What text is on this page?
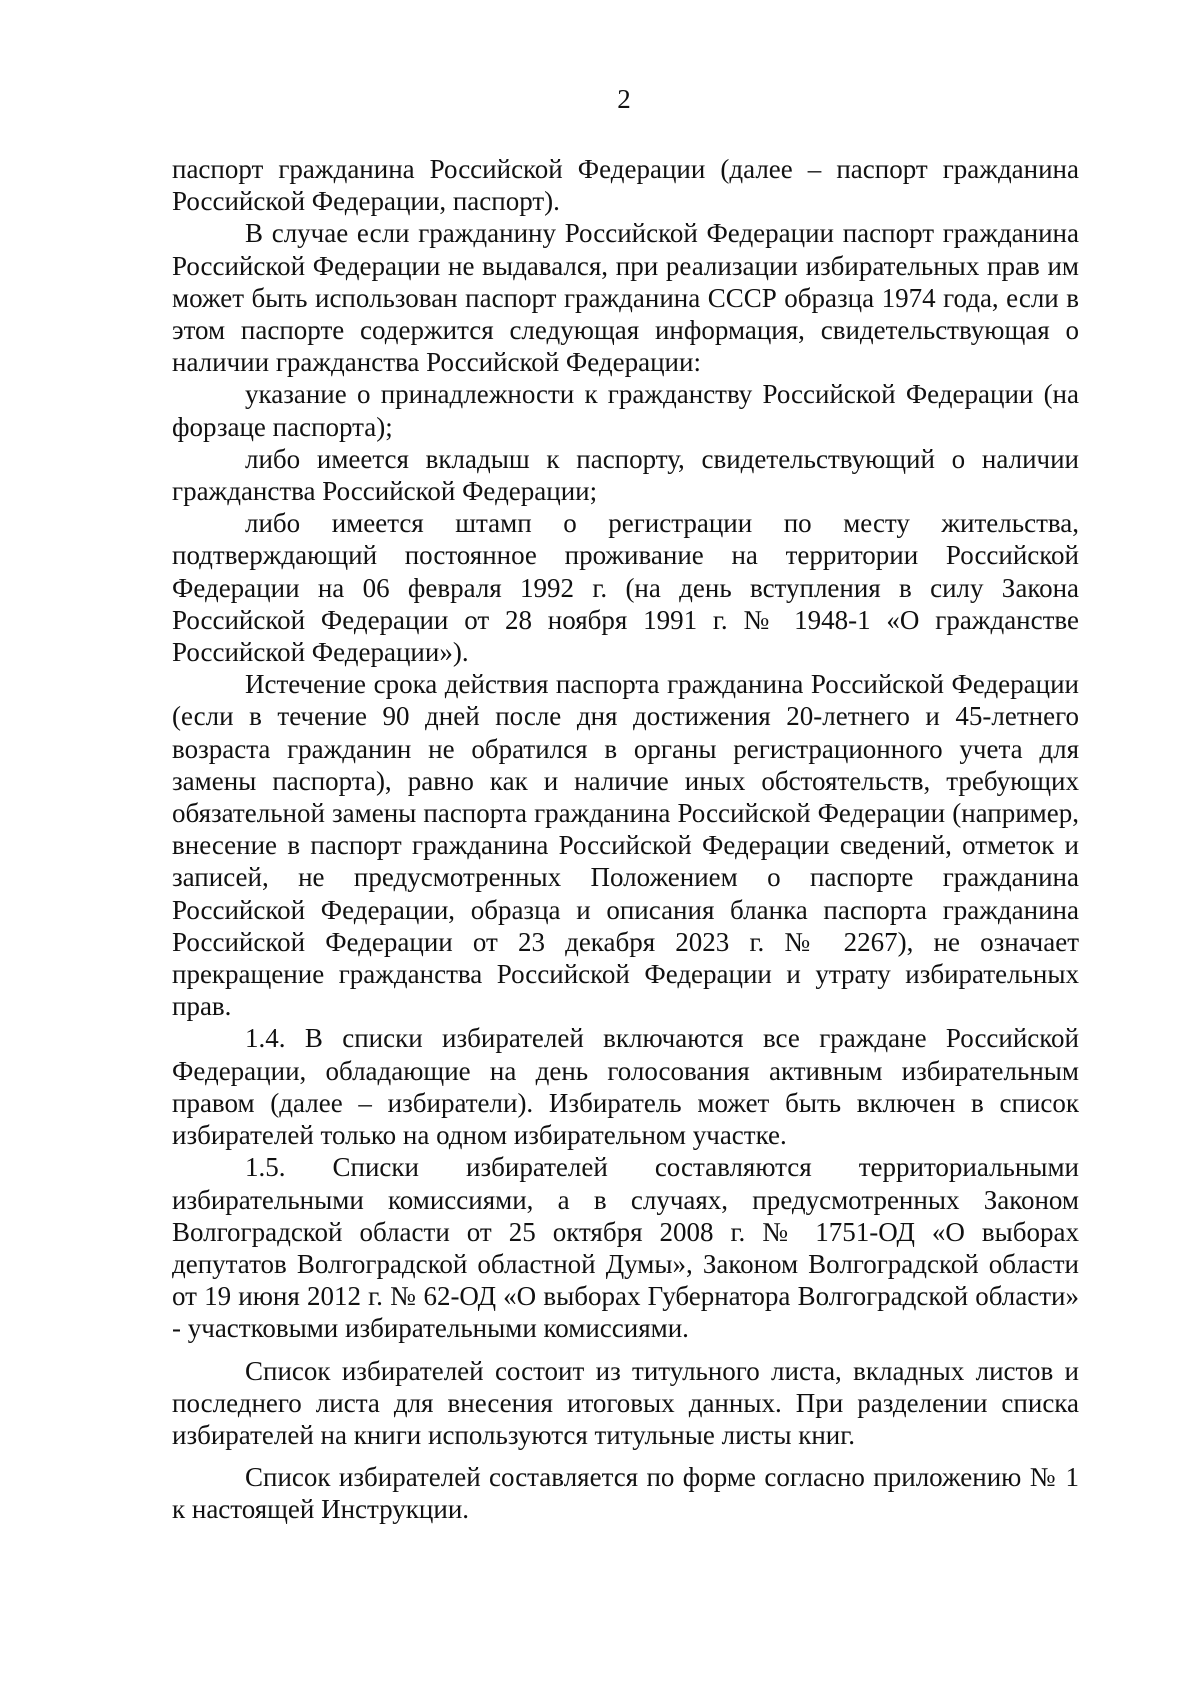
2

паспорт гражданина Российской Федерации (далее – паспорт гражданина Российской Федерации, паспорт).

В случае если гражданину Российской Федерации паспорт гражданина Российской Федерации не выдавался, при реализации избирательных прав им может быть использован паспорт гражданина СССР образца 1974 года, если в этом паспорте содержится следующая информация, свидетельствующая о наличии гражданства Российской Федерации:

указание о принадлежности к гражданству Российской Федерации (на форзаце паспорта);

либо имеется вкладыш к паспорту, свидетельствующий о наличии гражданства Российской Федерации;

либо имеется штамп о регистрации по месту жительства, подтверждающий постоянное проживание на территории Российской Федерации на 06 февраля 1992 г. (на день вступления в силу Закона Российской Федерации от 28 ноября 1991 г. № 1948-1 «О гражданстве Российской Федерации»).

Истечение срока действия паспорта гражданина Российской Федерации (если в течение 90 дней после дня достижения 20-летнего и 45-летнего возраста гражданин не обратился в органы регистрационного учета для замены паспорта), равно как и наличие иных обстоятельств, требующих обязательной замены паспорта гражданина Российской Федерации (например, внесение в паспорт гражданина Российской Федерации сведений, отметок и записей, не предусмотренных Положением о паспорте гражданина Российской Федерации, образца и описания бланка паспорта гражданина Российской Федерации от 23 декабря 2023 г. № 2267), не означает прекращение гражданства Российской Федерации и утрату избирательных прав.

1.4. В списки избирателей включаются все граждане Российской Федерации, обладающие на день голосования активным избирательным правом (далее – избиратели). Избиратель может быть включен в список избирателей только на одном избирательном участке.

1.5. Списки избирателей составляются территориальными избирательными комиссиями, а в случаях, предусмотренных Законом Волгоградской области от 25 октября 2008 г. № 1751-ОД «О выборах депутатов Волгоградской областной Думы», Законом Волгоградской области от 19 июня 2012 г. № 62-ОД «О выборах Губернатора Волгоградской области» - участковыми избирательными комиссиями.

Список избирателей состоит из титульного листа, вкладных листов и последнего листа для внесения итоговых данных. При разделении списка избирателей на книги используются титульные листы книг.

Список избирателей составляется по форме согласно приложению № 1 к настоящей Инструкции.
